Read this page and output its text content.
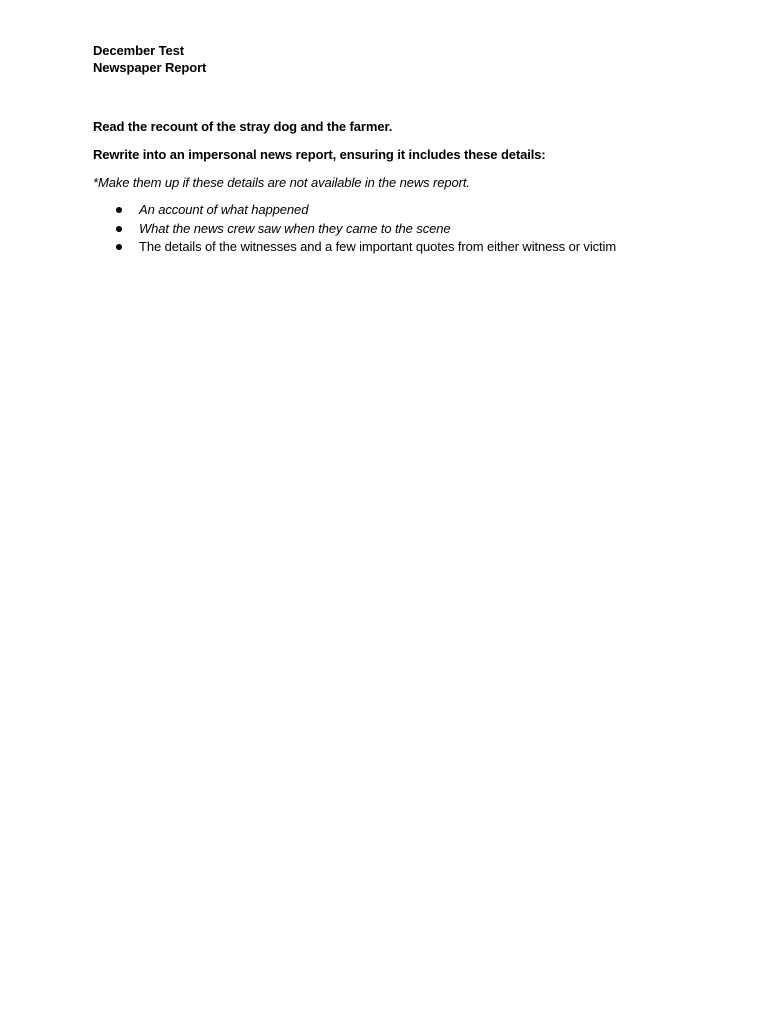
December Test
Newspaper Report
Read the recount of the stray dog and the farmer.
Rewrite into an impersonal news report, ensuring it includes these details:
*Make them up if these details are not available in the news report.
An account of what happened
What the news crew saw when they came to the scene
The details of the witnesses and a few important quotes from either witness or victim
